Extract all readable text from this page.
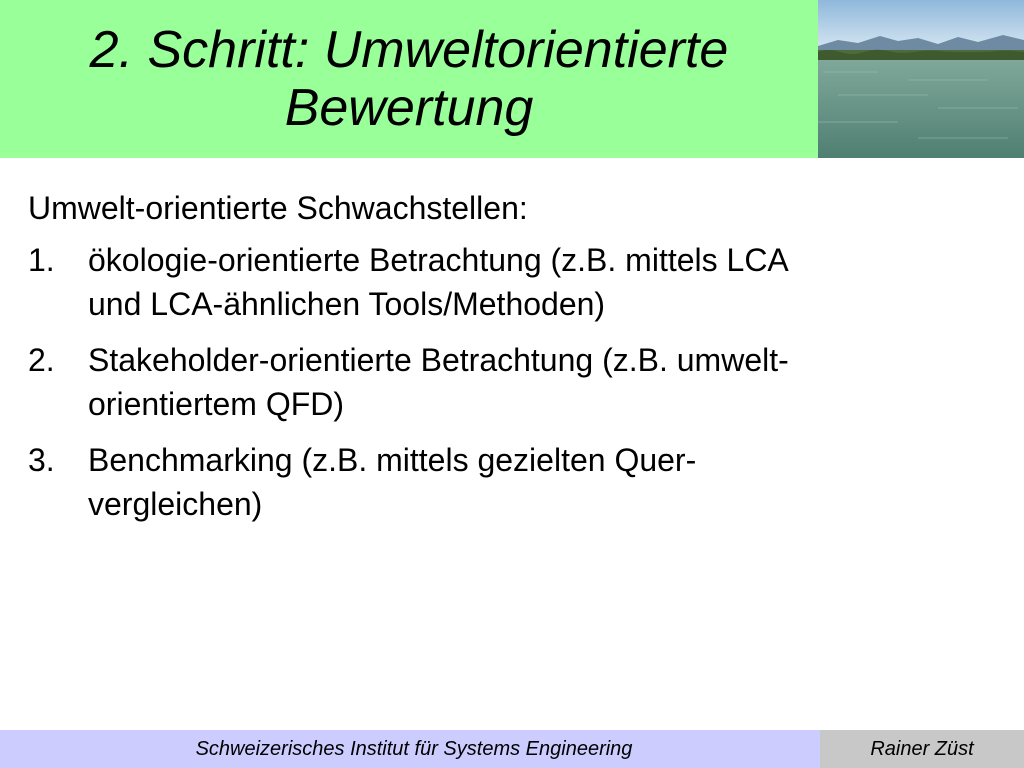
2. Schritt: Umweltorientierte
Bewertung

Umwelt-orientierte Schwachstellen:

1.	ökologie-orientierte Betrachtung (z.B. mittels LCA
und LCA-ähnlichen Tools/Methoden)
2.	Stakeholder-orientierte Betrachtung (z.B. umwelt-
orientiertem QFD)
3.	Benchmarking (z.B. mittels gezielten Quer-
vergleichen)
Schweizerisches Institut für Systems Engineering	Rainer Züst
